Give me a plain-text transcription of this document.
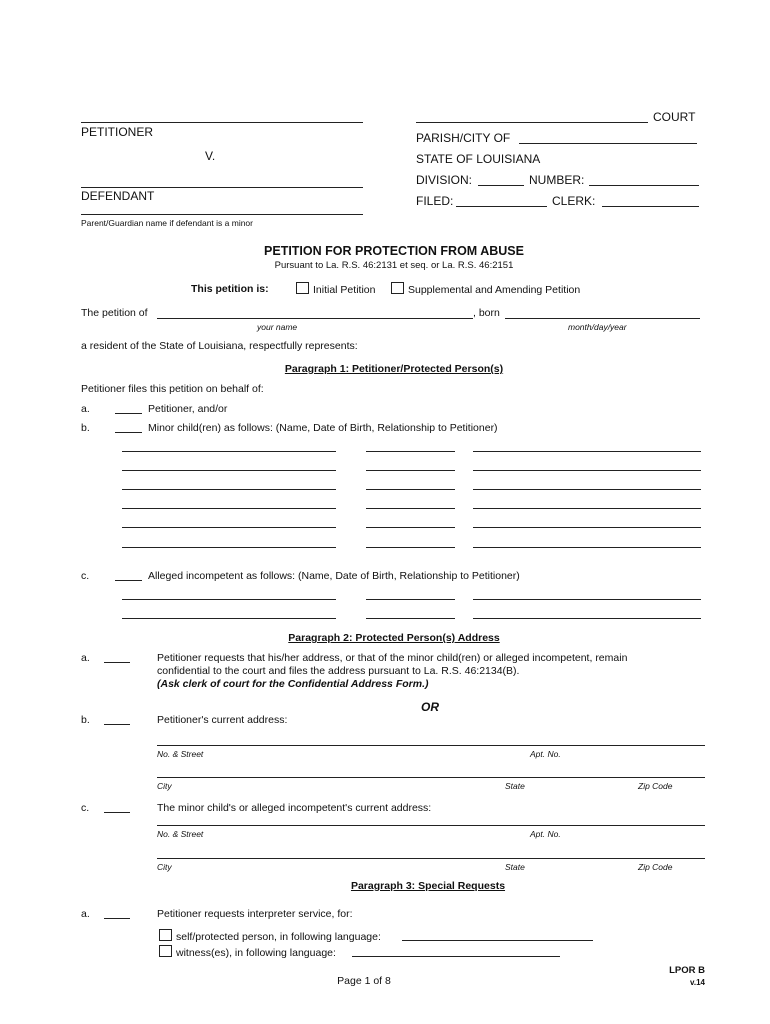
PETITIONER
V.
DEFENDANT
Parent/Guardian name if defendant is a minor
COURT
PARISH/CITY OF
STATE OF LOUISIANA
DIVISION:	NUMBER:
FILED:	CLERK:
PETITION FOR PROTECTION FROM ABUSE
Pursuant to La. R.S. 46:2131 et seq. or La. R.S. 46:2151
This petition is:	Initial Petition	Supplemental and Amending Petition
The petition of	, born
your name	month/day/year
a resident of the State of Louisiana, respectfully represents:
Paragraph 1: Petitioner/Protected Person(s)
Petitioner files this petition on behalf of:
a.	Petitioner, and/or
b.	Minor child(ren) as follows: (Name, Date of Birth, Relationship to Petitioner)
c.	Alleged incompetent as follows: (Name, Date of Birth, Relationship to Petitioner)
Paragraph 2: Protected Person(s) Address
a.	Petitioner requests that his/her address, or that of the minor child(ren) or alleged incompetent, remain
confidential to the court and files the address pursuant to La. R.S. 46:2134(B).
(Ask clerk of court for the Confidential Address Form.)
OR
b.	Petitioner's current address:
No. & Street	Apt. No.
City	State	Zip Code
c.	The minor child's or alleged incompetent's current address:
No. & Street	Apt. No.
City	State	Zip Code
Paragraph 3: Special Requests
a.	Petitioner requests interpreter service, for:
self/protected person, in following language:
witness(es), in following language:
Page 1 of 8
LPOR B
v.14
